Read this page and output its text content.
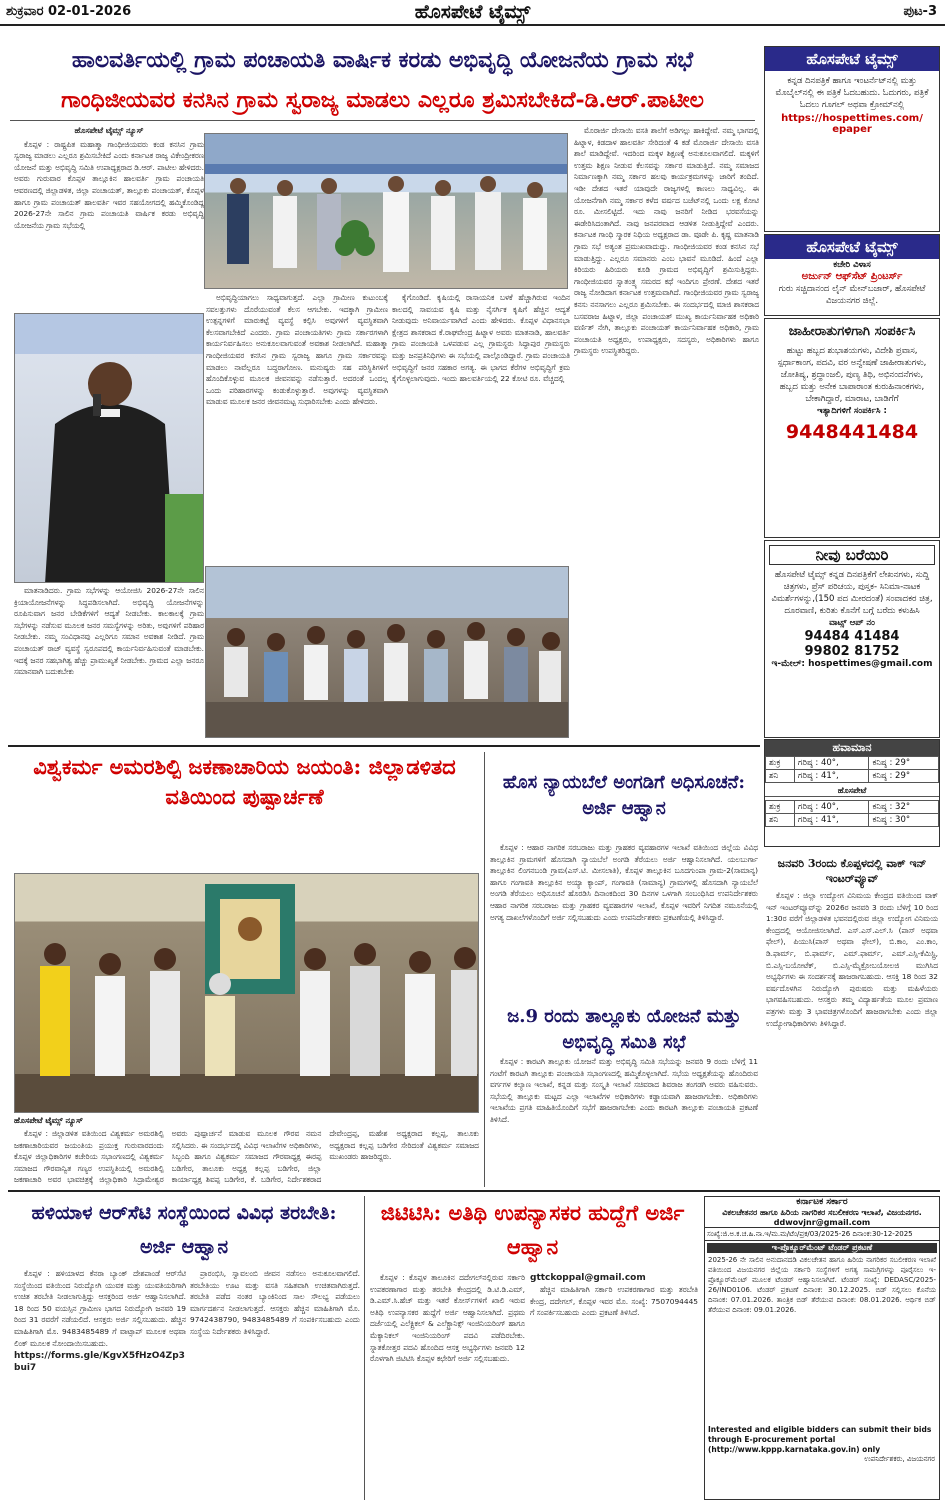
ಶುಕ್ರವಾರ 02-01-2026	ಹೊಸಪೇಟೆ ಟೈಮ್ಸ್	ಪುಟ-3
ಹಾಲವರ್ತಿಯಲ್ಲಿ ಗ್ರಾಮ ಪಂಚಾಯತಿ ವಾರ್ಷಿಕ ಕರಡು ಅಭಿವೃದ್ಧಿ ಯೋಜನೆಯ ಗ್ರಾಮ ಸಭೆ
ಗಾಂಧಿಜೀಯವರ ಕನಸಿನ ಗ್ರಾಮ ಸ್ವರಾಜ್ಯ ಮಾಡಲು ಎಲ್ಲರೂ ಶ್ರಮಿಸಬೇಕಿದೆ-ಡಿ.ಆರ್.ಪಾಟೀಲ
ಹೊಸಪೇಟೆ ಟೈಮ್ಸ್ ನ್ಯೂಸ್

ಕೊಪ್ಪಳ : ರಾಷ್ಟ್ರಪಿತ ಮಹಾತ್ಮಾ ಗಾಂಧೀಜಿಯವರು ಕಂಡ ಕನಸಿನ ಗ್ರಾಮ ಸ್ವರಾಜ್ಯ ಮಾಡಲು ಎಲ್ಲರೂ ಶ್ರಮಿಸಬೇಕಿದೆ ಎಂದು ಕರ್ನಾಟಕ ರಾಜ್ಯ ವಿಕೇಂದ್ರೀಕರಣ ಯೋಜನೆ ಮತ್ತು ಅಭಿವೃದ್ಧಿ ಸಮಿತಿ ಉಪಾಧ್ಯಕ್ಷರಾದ ಡಿ.ಆರ್. ಪಾಟೀಲ ಹೇಳಿದರು. ಅವರು ಗುರುವಾರ ಕೊಪ್ಪಳ ತಾಲ್ಲೂಕಿನ ಹಾಲವರ್ತಿ ಗ್ರಾಮ ಪಂಚಾಯತಿ ಆವರಣದಲ್ಲಿ ಜಿಲ್ಲಾಡಳಿತ, ಜಿಲ್ಲಾ ಪಂಚಾಯತ್, ತಾಲ್ಲೂಕು ಪಂಚಾಯತ್, ಕೊಪ್ಪಳ ಹಾಗೂ ಗ್ರಾಮ ಪಂಚಾಯತ್ ಹಾಲವರ್ತಿ ಇವರ ಸಹಯೋಗದಲ್ಲಿ ಹಮ್ಮಿಕೊಂಡಿದ್ದ 2026-27ನೇ ಸಾಲಿನ ಗ್ರಾಮ ಪಂಚಾಯತಿ ವಾರ್ಷಿಕ ಕರಡು ಅಭಿವೃದ್ಧಿ ಯೋಜನೆಯ ಗ್ರಾಮ ಸಭೆಯಲ್ಲಿ

ಮಾತನಾಡಿದರು. ಗ್ರಾಮ ಸಭೆಗಳನ್ನು ಆಯೋಜಿಸಿ 2026-27ನೇ ಸಾಲಿನ ಕ್ರಿಯಾಯೋಜನೆಗಳನ್ನು ಸಿದ್ಧಪಡಿಸಲಾಗಿದೆ. ಅಭಿವೃದ್ಧಿ ಯೋಜನೆಗಳನ್ನು ರೂಪಿಸುವಾಗ ಜನರ ಬೇಡಿಕೆಗಳಿಗೆ ಆದ್ಯತೆ ನೀಡಬೇಕು. ಕಾಲಕಾಲಕ್ಕೆ ಗ್ರಾಮ ಸಭೆಗಳನ್ನು ನಡೆಸುವ ಮೂಲಕ ಜನರ ಸಮಸ್ಯೆಗಳನ್ನು ಅರಿತು, ಅವುಗಳಿಗೆ ಪರಿಹಾರ ನೀಡಬೇಕು. ನಮ್ಮ ಸಂವಿಧಾನವು ಎಲ್ಲರಿಗೂ ಸಮಾನ ಅವಕಾಶ ನೀಡಿದೆ. ಗ್ರಾಮ ಪಂಚಾಯತ್ ರಾಜ್ ವ್ಯವಸ್ಥೆ ಸ್ವರೂಪದಲ್ಲಿ ಕಾರ್ಯನಿರ್ವಹಿಸುವಂತೆ ಮಾಡಬೇಕು. ಇದಕ್ಕೆ ಜನರ ಸಹಭಾಗಿತ್ವ ಹೆಚ್ಚು ಪ್ರಾಮುಖ್ಯತೆ ನೀಡಬೇಕು. ಗ್ರಾಮದ ಎಲ್ಲಾ ಜನರೂ ಸಮಾನವಾಗಿ ಬದುಕಬೇಕು

ಅಭಿವೃದ್ಧಿಯಾಗಲು ಸಾಧ್ಯವಾಗುತ್ತದೆ. ಎಲ್ಲಾ ಗ್ರಾಮೀಣ ಕುಟುಂಬಕ್ಕೆ ಸವಲತ್ತುಗಳು ದೊರೆಯುವಂತೆ ಕೆಲಸ ಆಗಬೇಕು. ಇದಕ್ಕಾಗಿ ಗ್ರಾಮೀಣ ಉತ್ಪನ್ನಗಳಿಗೆ ಮಾರುಕಟ್ಟೆ ವ್ಯವಸ್ಥೆ ಕಲ್ಪಿಸಿ ಅವುಗಳಿಗೆ ವ್ಯವಸ್ಥಿತವಾಗಿ ಕೆಲಸವಾಗಬೇಕಿದೆ ಎಂದರು. ಗ್ರಾಮ ಪಂಚಾಯತಿಗಳು ಗ್ರಾಮ ಸರ್ಕಾರಗಳಾಗಿ ಕಾರ್ಯನಿರ್ವಹಿಸಲು ಅನುಕೂಲವಾಗುವಂತೆ ಅವಕಾಶ ನೀಡಲಾಗಿದೆ. ಮಹಾತ್ಮಾ ಗಾಂಧೀಜಿಯವರ ಕನಸಿನ ಗ್ರಾಮ ಸ್ವರಾಜ್ಯ ಹಾಗೂ ಗ್ರಾಮ ಸರ್ಕಾರವನ್ನು ಮಾಡಲು ನಾವೆಲ್ಲರೂ ಬದ್ಧರಾಗೋಣ. ಮನುಷ್ಯರು ಸಹ ಪರಿಸ್ಥಿತಿಗಳಿಗೆ ಹೊಂದಿಕೊಳ್ಳುವ ಮೂಲಕ ಜೀವನವನ್ನು ನಡೆಸುತ್ತಾರೆ. ಅದರಂತೆ ಒಂದಲ್ಲ ಒಂದು ಪರಿಹಾರಗಳನ್ನು ಕಂಡುಕೊಳ್ಳುತ್ತಾರೆ. ಅವುಗಳನ್ನು ವ್ಯವಸ್ಥಿತವಾಗಿ ಮಾಡುವ ಮೂಲಕ ಜನರ ಜೀವನಮಟ್ಟ ಸುಧಾರಿಸಬೇಕು ಎಂದು ಹೇಳಿದರು.

ಕೈಗೊಂಡಿದೆ. ಕೃಷಿಯಲ್ಲಿ ರಾಸಾಯನಿಕ ಬಳಕೆ ಹೆಚ್ಚಾಗಿರುವ ಇಂದಿನ ಕಾಲದಲ್ಲಿ ಸಾವಯವ ಕೃಷಿ ಮತ್ತು ನೈಸರ್ಗಿಕ ಕೃಷಿಗೆ ಹೆಚ್ಚಿನ ಆದ್ಯತೆ ನೀಡುವುದು ಅನಿವಾರ್ಯವಾಗಿದೆ ಎಂದು ಹೇಳಿದರು. ಕೊಪ್ಪಳ ವಿಧಾನಸಭಾ ಕ್ಷೇತ್ರದ ಶಾಸಕರಾದ ಕೆ.ರಾಘವೇಂದ್ರ ಹಿಟ್ನಾಳ ಅವರು ಮಾತನಾಡಿ, ಹಾಲವರ್ತಿ ಗ್ರಾಮ ಪಂಚಾಯತಿ ಒಳಪಡುವ ಎಲ್ಲ ಗ್ರಾಮಸ್ಥರು ಸಿದ್ಧಾಪುರ ಗ್ರಾಮಸ್ಥರು ಮತ್ತು ಜನಪ್ರತಿನಿಧಿಗಳು ಈ ಸಭೆಯಲ್ಲಿ ಪಾಲ್ಗೊಂಡಿದ್ದಾರೆ. ಗ್ರಾಮ ಪಂಚಾಯತಿ ಅಭಿವೃದ್ಧಿಗೆ ಜನರ ಸಹಕಾರ ಅಗತ್ಯ. ಈ ಭಾಗದ ಕೆರೆಗಳ ಅಭಿವೃದ್ಧಿಗೆ ಕ್ರಮ ಕೈಗೊಳ್ಳಲಾಗುವುದು. ಇಂದು ಹಾಲವರ್ತಿಯಲ್ಲಿ 22 ಕೋಟಿ ರೂ. ವೆಚ್ಚದಲ್ಲಿ

ಮೊರಾರ್ಜಿ ದೇಸಾಯಿ ವಸತಿ ಶಾಲೆಗೆ ಅಡಿಗಲ್ಲು ಹಾಕಿದ್ದೇವೆ. ನಮ್ಮ ಭಾಗದಲ್ಲಿ ಹಿಟ್ನಾಳ, ಕಿಡದಾಳ ಹಾಲವರ್ತಿ ಸೇರಿದಂತೆ 4 ಕಡೆ ಮೊರಾರ್ಜಿ ದೇಸಾಯಿ ವಸತಿ ಶಾಲೆ ಮಾಡಿದ್ದೇವೆ. ಇದರಿಂದ ಮಕ್ಕಳ ಶಿಕ್ಷಣಕ್ಕೆ ಅನುಕೂಲವಾಗಲಿದೆ. ಮಕ್ಕಳಿಗೆ ಉತ್ತಮ ಶಿಕ್ಷಣ ನೀಡುವ ಕೆಲಸವನ್ನು ಸರ್ಕಾರ ಮಾಡುತ್ತಿದೆ. ನಮ್ಮ ಸಮಾಜದ ನಿರ್ಮಾಣಕ್ಕಾಗಿ ನಮ್ಮ ಸರ್ಕಾರ ಹಲವು ಕಾರ್ಯಕ್ರಮಗಳನ್ನು ಜಾರಿಗೆ ತಂದಿದೆ. ಇಡೀ ದೇಶದ ಇತರೆ ಯಾವುದೇ ರಾಜ್ಯಗಳಲ್ಲಿ ಕಾಣಲು ಸಾಧ್ಯವಿಲ್ಲ. ಈ ಯೋಜನೆಗಾಗಿ ನಮ್ಮ ಸರ್ಕಾರ ಕಳೆದ ವರ್ಷದ ಬಜೆಟ್‌ನಲ್ಲಿ ಒಂದು ಲಕ್ಷ ಕೋಟಿ ರೂ. ಮೀಸಲಿಟ್ಟಿದೆ. ಇದು ನಾವು ಜನರಿಗೆ ನೀಡಿದ ಭರವಸೆಯನ್ನು ಈಡೇರಿಸಿದಂತಾಗಿದೆ. ನಾವು ಜನಪರವಾದ ಆಡಳಿತ ನೀಡುತ್ತಿದ್ದೇವೆ ಎಂದರು. ಕರ್ನಾಟಕ ಗಾಂಧಿ ಸ್ಮಾರಕ ನಿಧಿಯ ಅಧ್ಯಕ್ಷರಾದ ಡಾ. ವೂಡೇ ಪಿ. ಕೃಷ್ಣ ಮಾತನಾಡಿ ಗ್ರಾಮ ಸಭೆ ಅತ್ಯಂತ ಪ್ರಮುಖವಾದುದ್ದು. ಗಾಂಧೀಜಿಯವರ ಕಂಡ ಕನಸಿನ ಸಭೆ ಮಾಡುತ್ತಿದ್ದು. ಎಲ್ಲರೂ ಸಮಾನರು ಎಂಬ ಭಾವನೆ ಮೂಡಿದೆ. ಹಿಂದೆ ಎಲ್ಲಾ ಕಿರಿಯರು ಹಿರಿಯರು ಕೂಡಿ ಗ್ರಾಮದ ಅಭಿವೃದ್ಧಿಗೆ ಶ್ರಮಿಸುತ್ತಿದ್ದರು. ಗಾಂಧೀಜಿಯವರ ಸ್ವಾತಂತ್ರ್ಯ ಸಮರದ ಕಥೆ ಇಂದಿಗೂ ಪ್ರೇರಣೆ. ದೇಶದ ಇತರೆ ರಾಜ್ಯ ನೋಡಿದಾಗ ಕರ್ನಾಟಕ ಉತ್ತಮವಾಗಿದೆ. ಗಾಂಧೀಜಿಯವರ ಗ್ರಾಮ ಸ್ವರಾಜ್ಯ ಕನಸು ನನಸಾಗಲು ಎಲ್ಲರೂ ಶ್ರಮಿಸಬೇಕು. ಈ ಸಂದರ್ಭದಲ್ಲಿ ಮಾಜಿ ಶಾಸಕರಾದ ಬಸವರಾಜ ಹಿಟ್ನಾಳ, ಜಿಲ್ಲಾ ಪಂಚಾಯತ್ ಮುಖ್ಯ ಕಾರ್ಯನಿರ್ವಾಹಕ ಅಧಿಕಾರಿ ವರ್ಣಿತ್ ನೇಗಿ, ತಾಲ್ಲೂಕು ಪಂಚಾಯತ್ ಕಾರ್ಯನಿರ್ವಾಹಕ ಅಧಿಕಾರಿ, ಗ್ರಾಮ ಪಂಚಾಯತಿ ಅಧ್ಯಕ್ಷರು, ಉಪಾಧ್ಯಕ್ಷರು, ಸದಸ್ಯರು, ಅಧಿಕಾರಿಗಳು ಹಾಗೂ ಗ್ರಾಮಸ್ಥರು ಉಪಸ್ಥಿತರಿದ್ದರು.

ಹೊಸಪೇಟೆ ಟೈಮ್ಸ್
ಕನ್ನಡ ದಿನಪತ್ರಿಕೆ ಹಾಗೂ ಇಂಟರ್ನೆಟ್‌ನಲ್ಲಿ ಮತ್ತು ಮೊಬೈಲ್‌ನಲ್ಲಿ ಈ ಪತ್ರಿಕೆ ಓದಬಹುದು. ಓದುಗರು, ಪತ್ರಿಕೆ ಓದಲು ಗೂಗಲ್ ಅಥವಾ ಕ್ರೋಮ್‌ನಲ್ಲಿ
https://hospettimes.com/
epaper
ಹೊಸಪೇಟೆ ಟೈಮ್ಸ್
ಕಚೇರಿ ವಿಳಾಸ
ಅರ್ಜುನ್ ಆಫ್‌ಸೆಟ್ ಪ್ರಿಂಟರ್ಸ್
ಗುರು ಸಚ್ಚಿದಾನಂದ ಲೈನ್ ಮೇನ್‌ಬಜಾರ್, ಹೊಸಪೇಟೆ ವಿಜಯನಗರ ಜಿಲ್ಲೆ.
ಜಾಹೀರಾತುಗಳಿಗಾಗಿ ಸಂಪರ್ಕಿಸಿ
ಹುಟ್ಟು ಹಬ್ಬದ ಶುಭಾಶಯಗಳು, ವಿದೇಶಿ ಪ್ರವಾಸ, ಸ್ಪರ್ಧಾಕಾಂಗ, ಪದವಿ, ವರ ಅನ್ವೇಷಣೆ ಜಾಹೀರಾತುಗಳು, ಜೋತಿಷ್ಯ, ಶ್ರದ್ಧಾಂಜಲಿ, ಪುಣ್ಯ ತಿಥಿ, ಅಭಿನಂದನೆಗಳು, ಹಬ್ಬದ ಮತ್ತು ಅನೇಕ ಬಾಪಾರಾಂತ ಕುರುಹಿನಾಂಕಗಳು, ಬೇಕಾಗಿದ್ದಾರೆ, ಮಾರಾಟ, ಬಾಡಿಗೆಗೆ
ಇತ್ಯಾದಿಗಳಿಗೆ ಸಂಪರ್ಕಿಸಿ :
9448441484
ನೀವು ಬರೆಯಿರಿ
ಹೊಸಪೇಟೆ ಟೈಮ್ಸ್ ಕನ್ನಡ ದಿನಪತ್ರಿಕೆಗೆ ಲೇಖನಗಳು, ಸುದ್ದಿ ಚಿತ್ರಗಳು, ಪ್ರೆಸ್ ಪರಿಚಯ, ಪುಸ್ತಕ- ಸಿನಿಮಾ-ನಾಟಕ ವಿಮರ್ಶೆಗಳನ್ನು,(150 ಪದ ಮೀರದಂತೆ) ಸಂವಾದಕರ ಚಿತ್ರ, ದೂರವಾಣಿ, ಕುರಿತು ಕೊನೆಗೆ ಬಗ್ಗೆ ಬರೆದು ಕಳುಹಿಸಿ
ವಾಟ್ಸ್ ಆಪ್ ನಂ
94484 41484
99802 81752
ಇ-ಮೇಲ್: hospettimes@gmail.com
ಹವಾಮಾನ
ಶುಕ್ರ	ಗರಿಷ್ಠ : 40°,	ಕನಿಷ್ಠ : 29°
ಶನಿ	ಗರಿಷ್ಠ : 41°,	ಕನಿಷ್ಠ : 29°
ಹೊಸಪೇಟೆ
ಶುಕ್ರ	ಗರಿಷ್ಠ : 40°,	ಕನಿಷ್ಠ : 32°
ಶನಿ	ಗರಿಷ್ಠ : 41°,	ಕನಿಷ್ಠ : 30°
ವಿಶ್ವಕರ್ಮ ಅಮರಶಿಲ್ಪಿ ಜಕಣಾಚಾರಿಯ ಜಯಂತಿ: ಜಿಲ್ಲಾಡಳಿತದ ವತಿಯಿಂದ ಪುಷ್ಪಾರ್ಚಣೆ
ಹೊಸಪೇಟೆ ಟೈಮ್ಸ್ ನ್ಯೂಸ್

ಕೊಪ್ಪಳ : ಜಿಲ್ಲಾಡಳಿತ ವತಿಯಿಂದ ವಿಶ್ವಕರ್ಮ ಅಮರಶಿಲ್ಪಿ ಜಕಣಾಚಾರಿಯವರ ಜಯಂತಿಯ ಪ್ರಯುಕ್ತ ಗುರುವಾರದಂದು ಕೊಪ್ಪಳ ಜಿಲ್ಲಾಧಿಕಾರಿಗಳ ಕಚೇರಿಯ ಸಭಾಂಗಣದಲ್ಲಿ ವಿಶ್ವಕರ್ಮ ಸಮಾಜದ ಗೌರವಾನ್ವಿತ ಗಣ್ಯರ ಉಪಸ್ಥಿತಿಯಲ್ಲಿ ಅಮರಶಿಲ್ಪಿ ಜಕಣಾಚಾರಿ ಅವರ ಭಾವಚಿತ್ರಕ್ಕೆ ಜಿಲ್ಲಾಧಿಕಾರಿ ಸಿದ್ರಾಮೇಶ್ವರ ಅವರು ಪುಷ್ಪಾರ್ಚನೆ ಮಾಡುವ ಮೂಲಕ ಗೌರವ ನಮನ ಸಲ್ಲಿಸಿದರು. ಈ ಸಂದರ್ಭದಲ್ಲಿ ವಿವಿಧ ಇಲಾಖೆಗಳ ಅಧಿಕಾರಿಗಳು, ಸಿಬ್ಬಂದಿ ಹಾಗೂ ವಿಶ್ವಕರ್ಮ ಸಮಾಜದ ಗೌರವಾಧ್ಯಕ್ಷ ಈರಪ್ಪ ಬಡಿಗೇರ, ತಾಲೂಕು ಅಧ್ಯಕ್ಷ ಕಲ್ಲಪ್ಪ ಬಡಿಗೇರ, ಜಿಲ್ಲಾ ಕಾರ್ಯಾಧ್ಯಕ್ಷ ಶಿವಪ್ಪ ಬಡಿಗೇರ, ಕೆ. ಬಡಿಗೇರ, ನಿರ್ದೇಶಕರಾದ ದೇವೇಂದ್ರಪ್ಪ, ಮಹೇಶ ಅಧ್ಯಕ್ಷರಾದ ಕಲ್ಲಪ್ಪ, ತಾಲೂಕು ಅಧ್ಯಕ್ಷರಾದ ಕಲ್ಲಪ್ಪ ಬಡಿಗೇರ ಸೇರಿದಂತೆ ವಿಶ್ವಕರ್ಮ ಸಮಾಜದ ಮುಖಂಡರು ಹಾಜರಿದ್ದರು.

ಹೊಸ ನ್ಯಾಯಬೆಲೆ ಅಂಗಡಿಗೆ ಅಧಿಸೂಚನೆ: ಅರ್ಜಿ ಆಹ್ವಾನ

ಕೊಪ್ಪಳ : ಆಹಾರ ನಾಗರಿಕ ಸರಬರಾಜು ಮತ್ತು ಗ್ರಾಹಕರ ವ್ಯವಹಾರಗಳ ಇಲಾಖೆ ವತಿಯಿಂದ ಜಿಲ್ಲೆಯ ವಿವಿಧ ತಾಲ್ಲೂಕಿನ ಗ್ರಾಮಗಳಿಗೆ ಹೊಸದಾಗಿ ನ್ಯಾಯಬೆಲೆ ಅಂಗಡಿ ತೆರೆಯಲು ಅರ್ಜಿ ಆಹ್ವಾನಿಸಲಾಗಿದೆ. ಯಲಬುರ್ಗಾ ತಾಲ್ಲೂಕಿನ ಲಿಂಗನಬಂಡಿ ಗ್ರಾಮ(ಎಸ್.ಟಿ. ಮೀಸಲಾತಿ), ಕೊಪ್ಪಳ ತಾಲ್ಲೂಕಿನ ಬೂದಗುಂಪಾ ಗ್ರಾಮ-2(ಸಾಮಾನ್ಯ) ಹಾಗೂ ಗಂಗಾವತಿ ತಾಲ್ಲೂಕಿನ ಅಯ್ಯಾ ಕ್ಯಾಂಪ್, ಗಂಗಾವತಿ (ಸಾಮಾನ್ಯ) ಗ್ರಾಮಗಳಲ್ಲಿ ಹೊಸದಾಗಿ ನ್ಯಾಯಬೆಲೆ ಅಂಗಡಿ ತೆರೆಯಲು ಅಧಿಸೂಚನೆ ಹೊರಡಿಸಿ ದಿನಾಂಕದಿಂದ 30 ದಿನಗಳ ಒಳಗಾಗಿ ಸಂಬಂಧಿಸಿದ ಉಪನಿರ್ದೇಶಕರು ಆಹಾರ ನಾಗರಿಕ ಸರಬರಾಜು ಮತ್ತು ಗ್ರಾಹಕರ ವ್ಯವಹಾರಗಳ ಇಲಾಖೆ, ಕೊಪ್ಪಳ ಇವರಿಗೆ ನಿಗದಿತ ನಮೂನೆಯಲ್ಲಿ ಅಗತ್ಯ ದಾಖಲೆಗಳೊಂದಿಗೆ ಅರ್ಜಿ ಸಲ್ಲಿಸಬಹುದು ಎಂದು ಉಪನಿರ್ದೇಶಕರು ಪ್ರಕಟಣೆಯಲ್ಲಿ ತಿಳಿಸಿದ್ದಾರೆ.

ಜ.9 ರಂದು ತಾಲ್ಲೂಕು ಯೋಜನೆ ಮತ್ತು ಅಭಿವೃದ್ಧಿ ಸಮಿತಿ ಸಭೆ

ಕೊಪ್ಪಳ : ಕಾರಟಗಿ ತಾಲ್ಲೂಕು ಯೋಜನೆ ಮತ್ತು ಅಭಿವೃದ್ಧಿ ಸಮಿತಿ ಸಭೆಯನ್ನು ಜನವರಿ 9 ರಂದು ಬೆಳಿಗ್ಗೆ 11 ಗಂಟೆಗೆ ಕಾರಟಗಿ ತಾಲ್ಲೂಕು ಪಂಚಾಯತಿ ಸಭಾಂಗಣದಲ್ಲಿ ಹಮ್ಮಿಕೊಳ್ಳಲಾಗಿದೆ. ಸಭೆಯ ಅಧ್ಯಕ್ಷತೆಯನ್ನು ಹೊಂದಿರುವ ವರ್ಗಗಳ ಕಲ್ಯಾಣ ಇಲಾಖೆ, ಕನ್ನಡ ಮತ್ತು ಸಂಸ್ಕೃತಿ ಇಲಾಖೆ ಸಚಿವರಾದ ಶಿವರಾಜ ತಂಗಡಗಿ ಅವರು ವಹಿಸುವರು. ಸಭೆಯಲ್ಲಿ ತಾಲ್ಲೂಕು ಮಟ್ಟದ ಎಲ್ಲಾ ಇಲಾಖೆಗಳ ಅಧಿಕಾರಿಗಳು ಕಡ್ಡಾಯವಾಗಿ ಹಾಜರಾಗಬೇಕು. ಅಧಿಕಾರಿಗಳು ಇಲಾಖೆಯ ಪ್ರಗತಿ ಮಾಹಿತಿಯೊಂದಿಗೆ ಸಭೆಗೆ ಹಾಜರಾಗಬೇಕು ಎಂದು ಕಾರಟಗಿ ತಾಲ್ಲೂಕು ಪಂಚಾಯತಿ ಪ್ರಕಟಣೆ ತಿಳಿಸಿದೆ.

ಜನವರಿ 3ರಂದು ಕೊಪ್ಪಳದಲ್ಲಿ ವಾಕ್ ಇನ್ ಇಂಟರ್‌ವ್ಯೂವ್

ಕೊಪ್ಪಳ : ಜಿಲ್ಲಾ ಉದ್ಯೋಗ ವಿನಿಮಯ ಕೇಂದ್ರದ ವತಿಯಿಂದ ವಾಕ್ ಇನ್ ಇಂಟರ್‌ವ್ಯೂವ್‌ನ್ನು 2026ರ ಜನವರಿ 3 ರಂದು ಬೆಳಿಗ್ಗೆ 10 ರಿಂದ 1:30ರ ವರೆಗೆ ಜಿಲ್ಲಾಡಳಿತ ಭವನದಲ್ಲಿರುವ ಜಿಲ್ಲಾ ಉದ್ಯೋಗ ವಿನಿಮಯ ಕೇಂದ್ರದಲ್ಲಿ ಆಯೋಜಿಸಲಾಗಿದೆ. ಎಸ್.ಎಸ್.ಎಲ್.ಸಿ (ಪಾಸ್ ಅಥವಾ ಫೇಲ್), ಪಿಯುಸಿ(ಪಾಸ್ ಅಥವಾ ಫೇಲ್), ಬಿ.ಕಾಂ, ಎಂ.ಕಾಂ, ಡಿ.ಫಾರ್ಮ್, ಬಿ.ಫಾರ್ಮ್, ಎಮ್.ಫಾರ್ಮ್, ಎಮ್.ಎಸ್ಸಿ-ಕೆಮಿಸ್ಟ್ರಿ, ಬಿ.ಎಸ್ಸಿ-ಬಯೋಟೆಕ್, ಬಿ.ಎಸ್ಸಿ-ಮೈಕ್ರೋಬಯೋಲಜಿ ಮುಗಿಸಿದ ಅಭ್ಯರ್ಥಿಗಳು ಈ ಸಂದರ್ಶನಕ್ಕೆ ಹಾಜರಾಗಬಹುದು. ಆಸಕ್ತಿ 18 ರಿಂದ 32 ವರ್ಷದೊಳಗಿನ ನಿರುದ್ಯೋಗಿ ಪುರುಷರು ಮತ್ತು ಮಹಿಳೆಯರು ಭಾಗವಹಿಸಬಹುದು. ಆಸಕ್ತರು ತಮ್ಮ ವಿದ್ಯಾರ್ಹತೆಯ ಮೂಲ ಪ್ರಮಾಣ ಪತ್ರಗಳು ಮತ್ತು 3 ಭಾವಚಿತ್ರಗಳೊಂದಿಗೆ ಹಾಜರಾಗಬೇಕು ಎಂದು ಜಿಲ್ಲಾ ಉದ್ಯೋಗಾಧಿಕಾರಿಗಳು ತಿಳಿಸಿದ್ದಾರೆ.

ಹಳಿಯಾಳ ಆರ್‌ಸೆಟಿ ಸಂಸ್ಥೆಯಿಂದ ವಿವಿಧ ತರಬೇತಿ: ಅರ್ಜಿ ಆಹ್ವಾನ

ಕೊಪ್ಪಳ : ಹಳಿಯಾಳದ ಕೆನರಾ ಬ್ಯಾಂಕ್ ದೇಶಪಾಂಡೆ ಆರ್‌ಸೆಟಿ ಸಂಸ್ಥೆಯಿಂದ ವತಿಯಿಂದ ನಿರುದ್ಯೋಗಿ ಯುವಕ ಮತ್ತು ಯುವತಿಯರಿಗಾಗಿ ಉಚಿತ ತರಬೇತಿ ನೀಡಲಾಗುತ್ತಿದ್ದು ಆಸಕ್ತರಿಂದ ಅರ್ಜಿ ಆಹ್ವಾನಿಸಲಾಗಿದೆ. 18 ರಿಂದ 50 ವಯಸ್ಸಿನ ಗ್ರಾಮೀಣ ಭಾಗದ ನಿರುದ್ಯೋಗಿ ಜನವರಿ 19 ರಿಂದ 31 ರವರೆಗೆ ನಡೆಯಲಿದೆ. ಆಸಕ್ತರು ಅರ್ಜಿ ಸಲ್ಲಿಸಬಹುದು. ಹೆಚ್ಚಿನ ಮಾಹಿತಿಗಾಗಿ ಮೊ. 9483485489 ಗೆ ವಾಟ್ಸಾಪ್ ಮೂಲಕ ಅಥವಾ ಲಿಂಕ್ ಮೂಲಕ ನೋಂದಾಯಿಸಬಹುದು.

https://forms.gle/KgvX5fHzO4Zp3bui7

ಪ್ರಾರಂಭಿಸಿ, ಸ್ವಾವಲಂಬಿ ಜೀವನ ನಡೆಸಲು ಅನುಕೂಲವಾಗಲಿದೆ. ತರಬೇತಿಯು ಊಟ ಮತ್ತು ವಸತಿ ಸಹಿತವಾಗಿ ಉಚಿತವಾಗಿರುತ್ತದೆ. ತರಬೇತಿ ಪಡೆದ ನಂತರ ಬ್ಯಾಂಕಿನಿಂದ ಸಾಲ ಸೌಲಭ್ಯ ಪಡೆಯಲು ಮಾರ್ಗದರ್ಶನ ನೀಡಲಾಗುತ್ತದೆ. ಆಸಕ್ತರು ಹೆಚ್ಚಿನ ಮಾಹಿತಿಗಾಗಿ ಮೊ. 9742438790, 9483485489 ಗೆ ಸಂಪರ್ಕಿಸಬಹುದು ಎಂದು ಸಂಸ್ಥೆಯ ನಿರ್ದೇಶಕರು ತಿಳಿಸಿದ್ದಾರೆ.

ಜಿಟಿಟಿಸಿ: ಅತಿಥಿ ಉಪನ್ಯಾಸಕರ ಹುದ್ದೆಗೆ ಅರ್ಜಿ ಆಹ್ವಾನ

ಕೊಪ್ಪಳ : ಕೊಪ್ಪಳ ತಾಲೂಕಿನ ದದೇಗಲ್‌ನಲ್ಲಿರುವ ಸರ್ಕಾರಿ ಉಪಕರಣಾಗಾರ ಮತ್ತು ತರಬೇತಿ ಕೇಂದ್ರದಲ್ಲಿ ಡಿ.ಟಿ.ಡಿ.ಎಮ್, ಡಿ.ಎಮ್.ಸಿ.ಹೆಚ್ ಮತ್ತು ಇತರೆ ಕೋರ್ಸ್‌ಗಳಿಗೆ ಖಾಲಿ ಇರುವ ಅತಿಥಿ ಉಪನ್ಯಾಸಕರ ಹುದ್ದೆಗೆ ಅರ್ಜಿ ಆಹ್ವಾನಿಸಲಾಗಿದೆ. ಪ್ರಥಮ ದರ್ಜೆಯಲ್ಲಿ ಎಲೆಕ್ಟ್ರಿಕಲ್ & ಎಲೆಕ್ಟ್ರಾನಿಕ್ಸ್ ಇಂಜಿನಿಯರಿಂಗ್ ಹಾಗೂ ಮೆಕ್ಯಾನಿಕಲ್ ಇಂಜಿನಿಯರಿಂಗ್ ಪದವಿ ಪಡೆದಿರಬೇಕು. ಸ್ನಾತಕೋತ್ತರ ಪದವಿ ಹೊಂದಿದ ಆಸಕ್ತ ಅಭ್ಯರ್ಥಿಗಳು ಜನವರಿ 12 ರೊಳಗಾಗಿ ಜಿಟಿಟಿಸಿ ಕೊಪ್ಪಳ ಕಛೇರಿಗೆ ಅರ್ಜಿ ಸಲ್ಲಿಸಬಹುದು.

gttckoppal@gmail.com

ಹೆಚ್ಚಿನ ಮಾಹಿತಿಗಾಗಿ ಸರ್ಕಾರಿ ಉಪಕರಣಾಗಾರ ಮತ್ತು ತರಬೇತಿ ಕೇಂದ್ರ, ದದೇಗಲ್, ಕೊಪ್ಪಳ ಇವರ ಮೊ. ಸಂಖ್ಯೆ: 7507094445 ಗೆ ಸಂಪರ್ಕಿಸಬಹುದು ಎಂದು ಪ್ರಕಟಣೆ ತಿಳಿಸಿದೆ.

ಕರ್ನಾಟಕ ಸರ್ಕಾರ
ವಿಕಲಚೇತನರ ಹಾಗೂ ಹಿರಿಯ ನಾಗರಿಕರ ಸಬಲೀಕರಣ ಇಲಾಖೆ, ವಿಜಯನಗರ.
ddwovjnr@gmail.com
ಸಂಖ್ಯೆ:ಜಿ.ಅ.ಕ.ಚ.ಹಿ.ನಾ.ಇ/ಮ.ಮ/ಟೆಂ/ಪ್ರಕ/03/2025-26 ದಿನಾಂಕ:30-12-2025
ಇ-ಪ್ರೊಕ್ಯೂರ್‌ಮೆಂಟ್ ಟೆಂಡರ್ ಪ್ರಕಟಣೆ
2025-26 ನೇ ಸಾಲಿನ ಅನುದಾನದಡಿ ವಿಕಲಚೇತನ ಹಾಗೂ ಹಿರಿಯ ನಾಗರಿಕರ ಸಬಲೀಕರಣ ಇಲಾಖೆ ವತಿಯಿಂದ ವಿಜಯನಗರ ಜಿಲ್ಲೆಯ ಸರ್ಕಾರಿ ಸಂಸ್ಥೆಗಳಿಗೆ ಅಗತ್ಯ ಸಾಮಗ್ರಿಗಳನ್ನು ಪೂರೈಸಲು ಇ-ಪ್ರೊಕ್ಯೂರ್‌ಮೆಂಟ್ ಮೂಲಕ ಟೆಂಡರ್ ಆಹ್ವಾನಿಸಲಾಗಿದೆ. ಟೆಂಡರ್ ಸಂಖ್ಯೆ: DEDASC/2025-26/IND0106. ಟೆಂಡರ್ ಪ್ರಕಟಣೆ ದಿನಾಂಕ: 30.12.2025. ಬಿಡ್ ಸಲ್ಲಿಸಲು ಕೊನೆಯ ದಿನಾಂಕ: 07.01.2026. ತಾಂತ್ರಿಕ ಬಿಡ್ ತೆರೆಯುವ ದಿನಾಂಕ: 08.01.2026. ಆರ್ಥಿಕ ಬಿಡ್ ತೆರೆಯುವ ದಿನಾಂಕ: 09.01.2026.
Interested and eligible bidders can submit their bids through E-procurement portal (http://www.kppp.karnataka.gov.in) only
ಉಪನಿರ್ದೇಶಕರು, ವಿಜಯನಗರ
